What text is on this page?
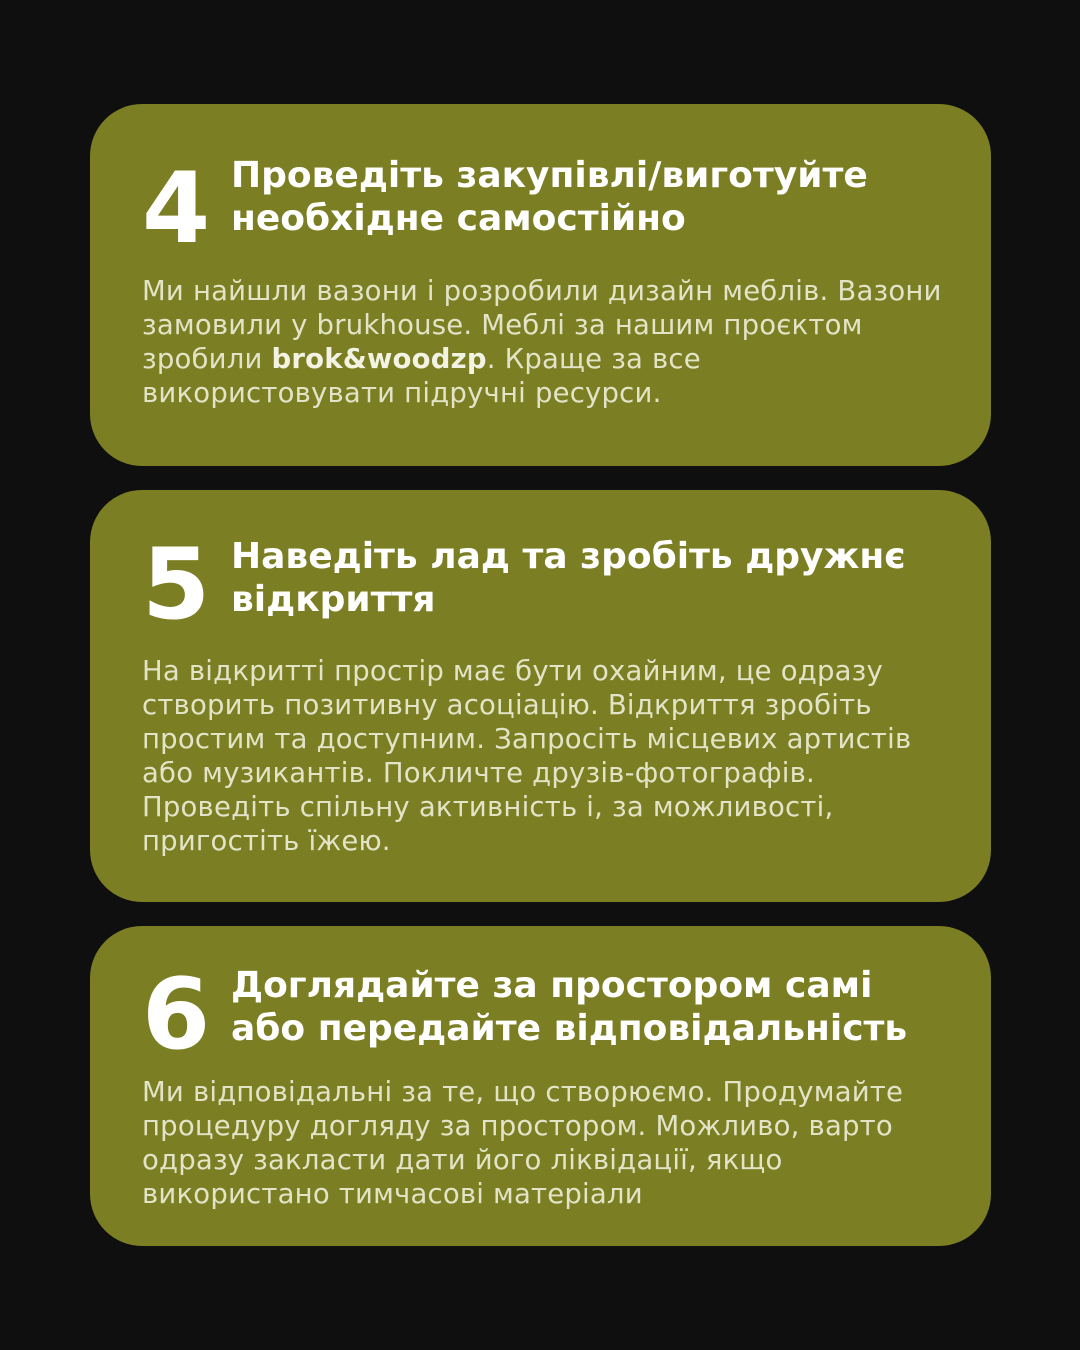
4 Проведіть закупівлі/виготуйте
необхідне самостійно

Ми найшли вазони і розробили дизайн меблів. Вазони замовили у brukhouse. Меблі за нашим проєктом зробили brok&woodzp. Краще за все використовувати підручні ресурси.

5 Наведіть лад та зробіть дружнє
відкриття

На відкритті простір має бути охайним, це одразу створить позитивну асоціацію. Відкриття зробіть простим та доступним. Запросіть місцевих артистів або музикантів. Покличте друзів-фотографів. Проведіть спільну активність і, за можливості, пригостіть їжею.

6 Доглядайте за простором самі
або передайте відповідальність

Ми відповідальні за те, що створюємо. Продумайте процедуру догляду за простором. Можливо, варто одразу закласти дати його ліквідації, якщо використано тимчасові матеріали
